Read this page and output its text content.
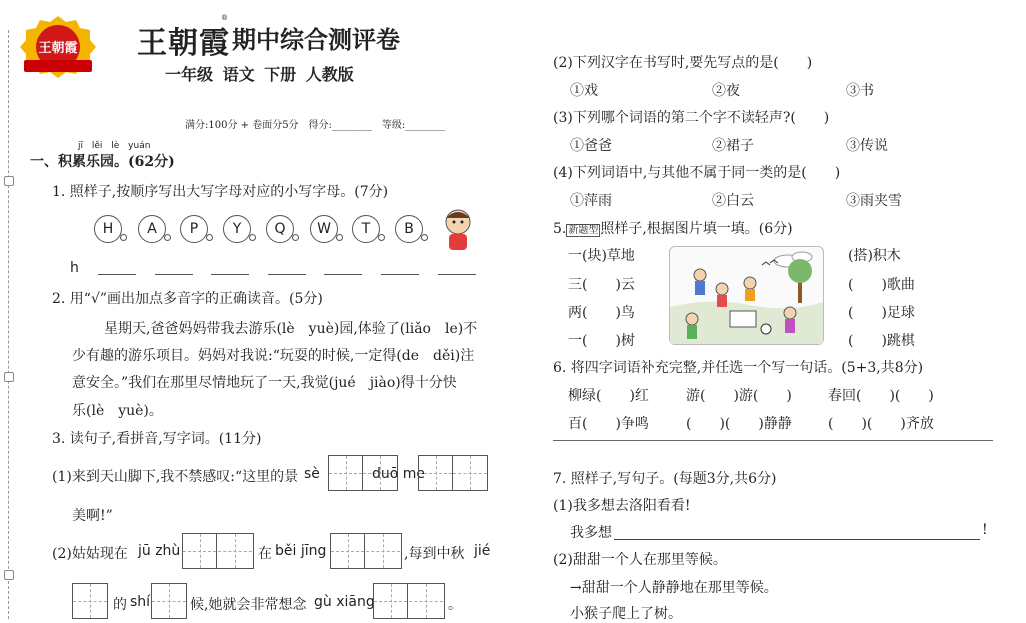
王朝霞 王朝霞
®
期中综合测评卷
一年级 语文 下册 人教版
满分:100分 + 卷面分5分　得分:________　等级:________
jī lěi lè yuán
一、积累乐园。(62分)
1. 照样子,按顺序写出大写字母对应的小写字母。(7分)
H	A	P	Y	Q	W	T	B
h
2. 用“√”画出加点多音字的正确读音。(5分)
星期天,爸爸妈妈带我去游乐(lè　yuè)园,体验了(liǎo　le)不
少有趣的游乐项目。妈妈对我说:“玩耍的时候,一定得(de　děi)注
意安全。”我们在那里尽情地玩了一天,我觉(jué　jiào)得十分快
乐(lè　yuè)。
3. 读句子,看拼音,写字词。(11分)
(1)来到天山脚下,我不禁感叹:“这里的景 sè	duō me
美啊!”
(2)姑姑现在 jū zhù	在 běi jīng	,每到中秋 jié
的 shí	候,她就会非常想念 gù xiāng	。
(2)下列汉字在书写时,要先写点的是(　　)
①戏	②夜	③书
(3)下列哪个词语的第二个字不读轻声?(　　)
①爸爸	②裙子	③传说
(4)下列词语中,与其他不属于同一类的是(　　)
①萍雨	②白云	③雨夹雪
5. 新题型 照样子,根据图片填一填。(6分)
一(块)草地
三(　　)云
两(　　)鸟
一(　　)树
(搭)积木
(　　)歌曲
(　　)足球
(　　)跳棋
6. 将四字词语补充完整,并任选一个写一句话。(5+3,共8分)
柳绿(　　)红	游(　　)游(　　)	春回(　　)(　　)
百(　　)争鸣	(　　)(　　)静静	(　　)(　　)齐放
7. 照样子,写句子。(每题3分,共6分)
(1)我多想去洛阳看看!
我多想	!
(2)甜甜一个人在那里等候。
→甜甜一个人静静地在那里等候。
小猴子爬上了树。
